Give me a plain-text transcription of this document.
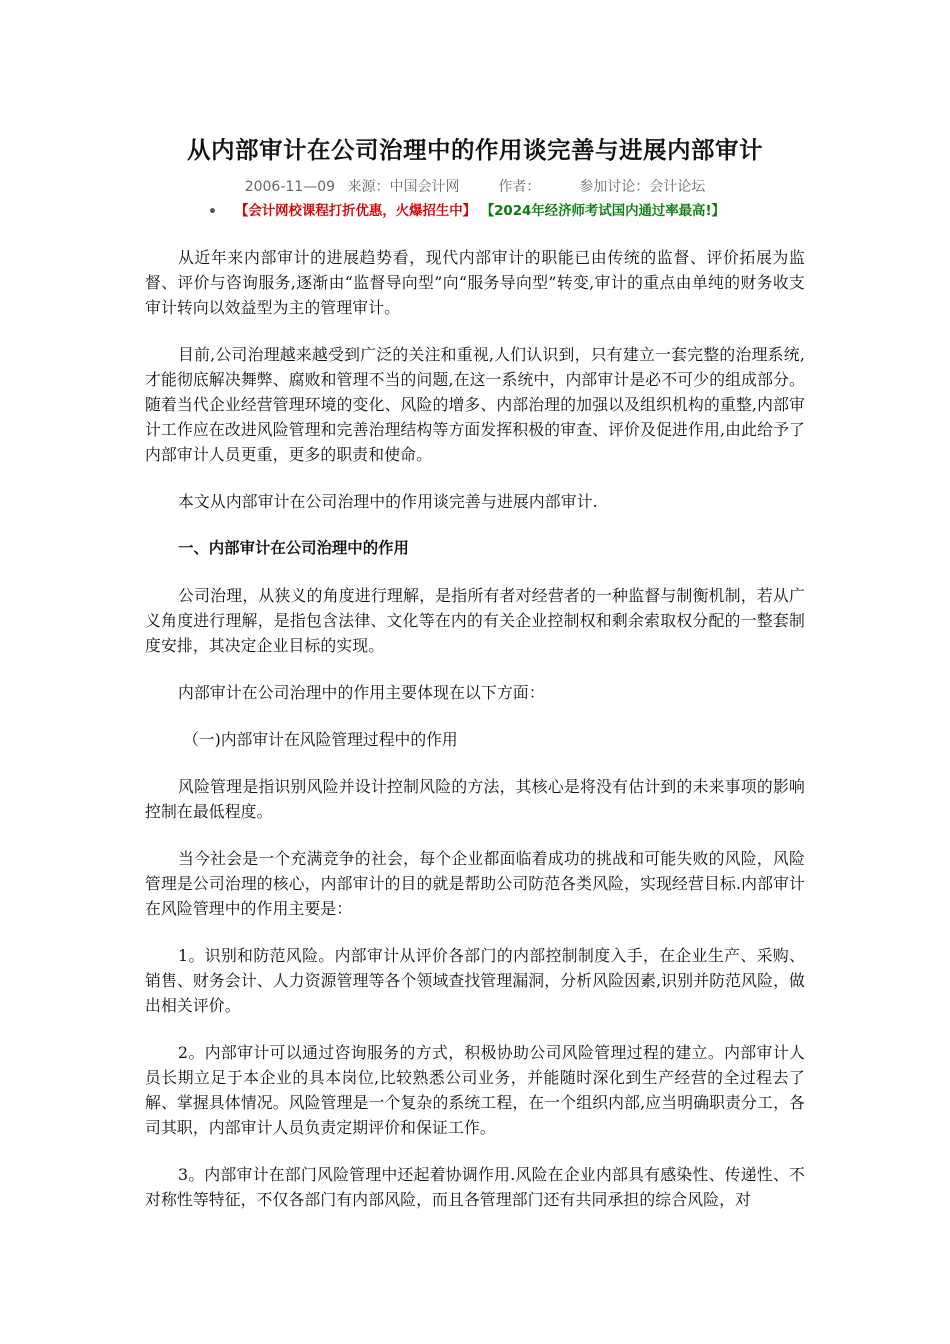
从内部审计在公司治理中的作用谈完善与进展内部审计
2006-11—09 来源：中国会计网	作者：	参加讨论：会计论坛
• 【会计网校课程打折优惠，火爆招生中】 【2024年经济师考试国内通过率最高!】

从近年来内部审计的进展趋势看，现代内部审计的职能已由传统的监督、评价拓展为监督、评价与咨询服务,逐渐由“监督导向型”向“服务导向型”转变,审计的重点由单纯的财务收支审计转向以效益型为主的管理审计。

目前,公司治理越来越受到广泛的关注和重视,人们认识到，只有建立一套完整的治理系统,才能彻底解决舞弊、腐败和管理不当的问题,在这一系统中，内部审计是必不可少的组成部分。随着当代企业经营管理环境的变化、风险的增多、内部治理的加强以及组织机构的重整,内部审计工作应在改进风险管理和完善治理结构等方面发挥积极的审查、评价及促进作用,由此给予了内部审计人员更重，更多的职责和使命。

本文从内部审计在公司治理中的作用谈完善与进展内部审计.

一、内部审计在公司治理中的作用

公司治理，从狭义的角度进行理解，是指所有者对经营者的一种监督与制衡机制，若从广义角度进行理解，是指包含法律、文化等在内的有关企业控制权和剩余索取权分配的一整套制度安排，其决定企业目标的实现。

内部审计在公司治理中的作用主要体现在以下方面：

（一)内部审计在风险管理过程中的作用

风险管理是指识别风险并设计控制风险的方法，其核心是将没有估计到的未来事项的影响控制在最低程度。

当今社会是一个充满竞争的社会，每个企业都面临着成功的挑战和可能失败的风险，风险管理是公司治理的核心，内部审计的目的就是帮助公司防范各类风险，实现经营目标.内部审计在风险管理中的作用主要是：

1。识别和防范风险。内部审计从评价各部门的内部控制制度入手，在企业生产、采购、销售、财务会计、人力资源管理等各个领域查找管理漏洞，分析风险因素,识别并防范风险，做出相关评价。

2。内部审计可以通过咨询服务的方式，积极协助公司风险管理过程的建立。内部审计人员长期立足于本企业的具本岗位,比较熟悉公司业务，并能随时深化到生产经营的全过程去了解、掌握具体情况。风险管理是一个复杂的系统工程，在一个组织内部,应当明确职责分工，各司其职，内部审计人员负责定期评价和保证工作。

3。内部审计在部门风险管理中还起着协调作用.风险在企业内部具有感染性、传递性、不对称性等特征，不仅各部门有内部风险，而且各管理部门还有共同承担的综合风险，对
